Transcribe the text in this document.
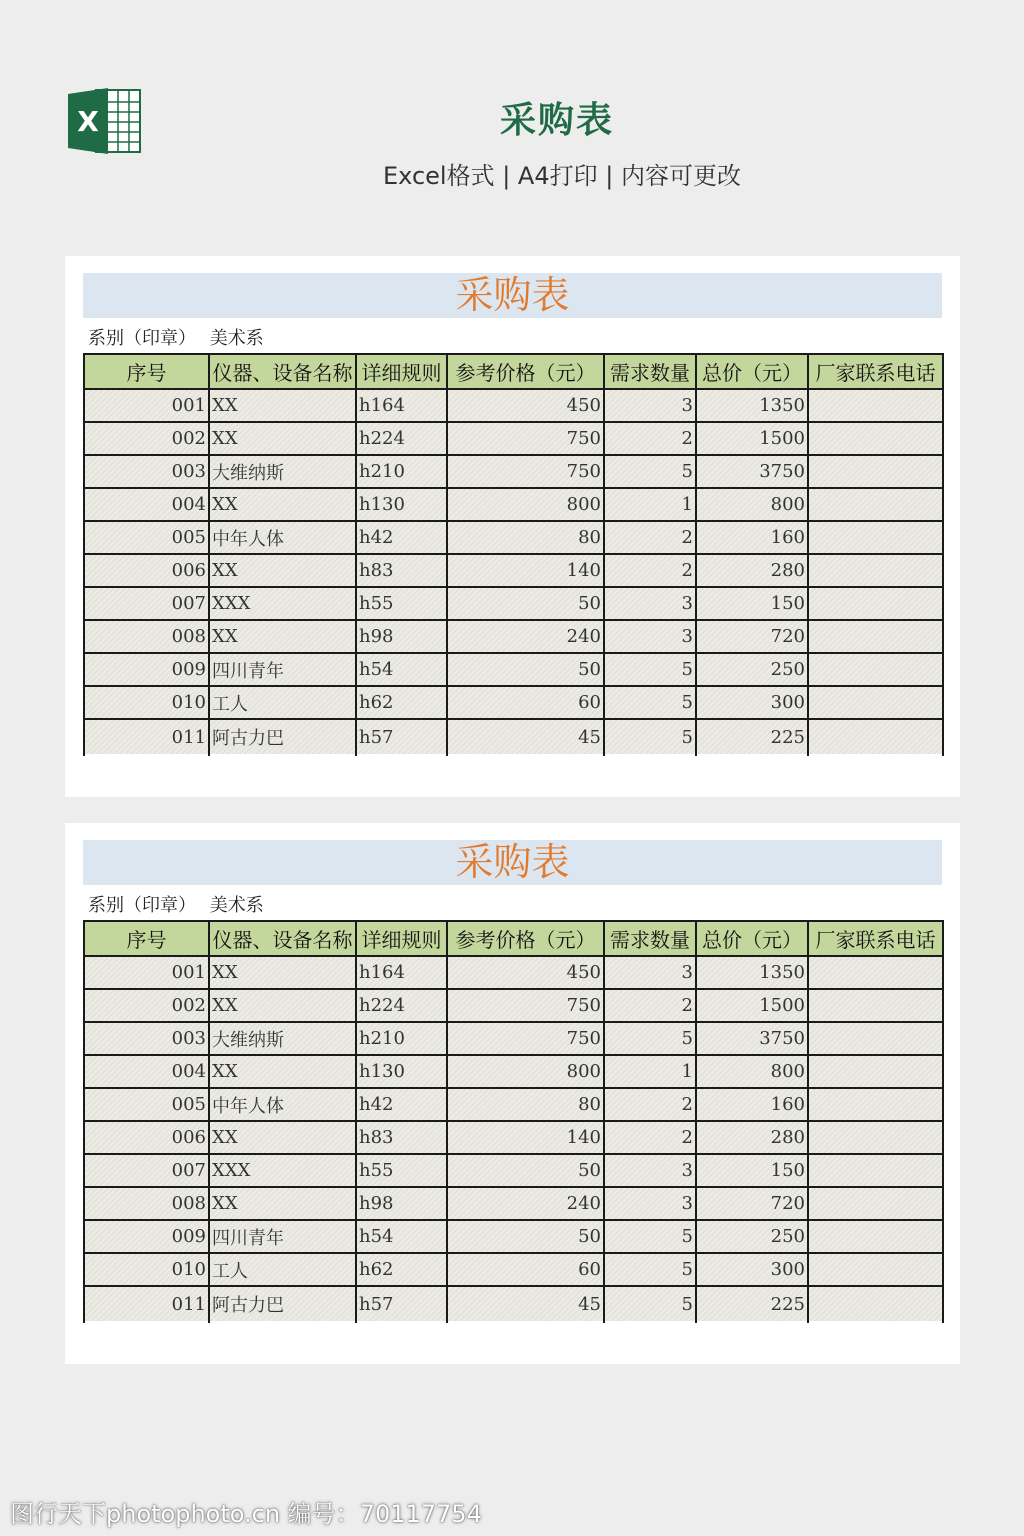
X	采购表
Excel格式 | A4打印 | 内容可更改
采购表
系别（印章） 美术系
序号	仪器、设备名称	详细规则	参考价格（元）	需求数量	总价（元）	厂家联系电话
001	XX	h164	450	3	1350	
002	XX	h224	750	2	1500	
003	大维纳斯	h210	750	5	3750	
004	XX	h130	800	1	800	
005	中年人体	h42	80	2	160	
006	XX	h83	140	2	280	
007	XXX	h55	50	3	150	
008	XX	h98	240	3	720	
009	四川青年	h54	50	5	250	
010	工人	h62	60	5	300	
011	阿古力巴	h57	45	5	225	
采购表
系别（印章） 美术系
序号	仪器、设备名称	详细规则	参考价格（元）	需求数量	总价（元）	厂家联系电话
001	XX	h164	450	3	1350	
002	XX	h224	750	2	1500	
003	大维纳斯	h210	750	5	3750	
004	XX	h130	800	1	800	
005	中年人体	h42	80	2	160	
006	XX	h83	140	2	280	
007	XXX	h55	50	3	150	
008	XX	h98	240	3	720	
009	四川青年	h54	50	5	250	
010	工人	h62	60	5	300	
011	阿古力巴	h57	45	5	225	
图行天下photophoto.cn 编号：70117754
